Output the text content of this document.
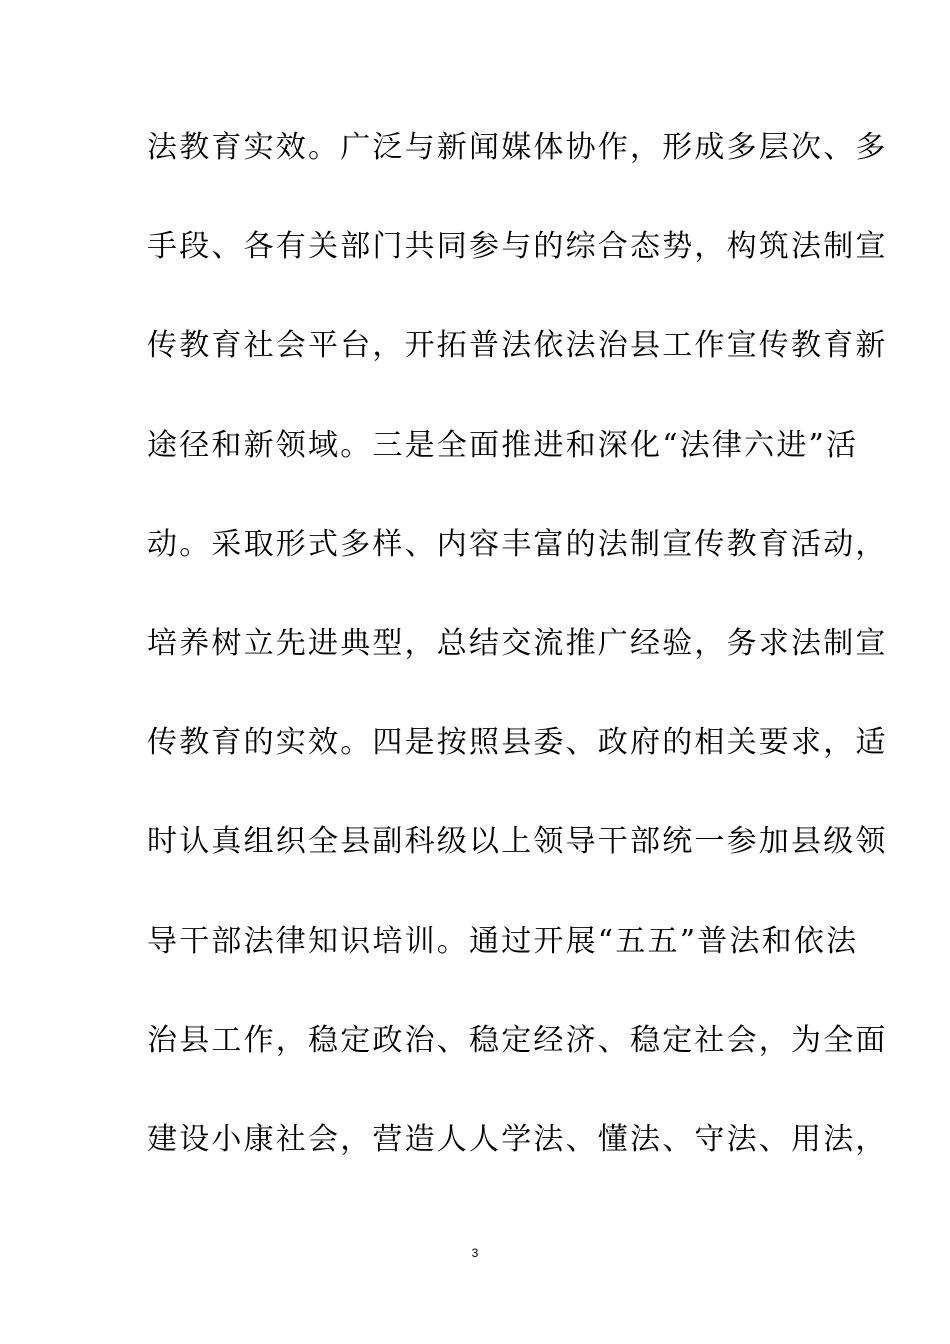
法教育实效。广泛与新闻媒体协作，形成多层次、多
手段、各有关部门共同参与的综合态势，构筑法制宣
传教育社会平台，开拓普法依法治县工作宣传教育新
途径和新领域。三是全面推进和深化“法律六进”活
动。采取形式多样、内容丰富的法制宣传教育活动，
培养树立先进典型，总结交流推广经验，务求法制宣
传教育的实效。四是按照县委、政府的相关要求，适
时认真组织全县副科级以上领导干部统一参加县级领
导干部法律知识培训。通过开展“五五”普法和依法
治县工作，稳定政治、稳定经济、稳定社会，为全面
建设小康社会，营造人人学法、懂法、守法、用法，
3
